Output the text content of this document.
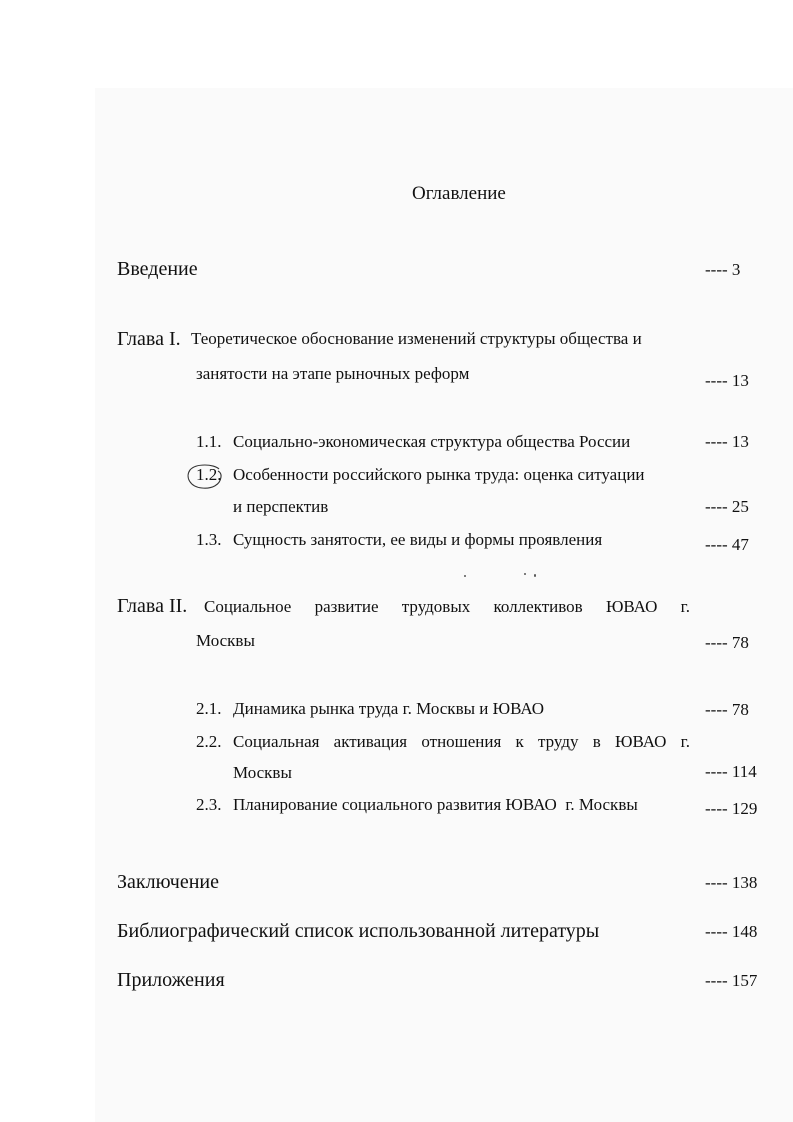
Оглавление
Введение	---- 3
Глава I. Теоретическое обоснование изменений структуры общества и
занятости на этапе рыночных реформ	---- 13
1.1. Социально-экономическая структура общества России	---- 13
1.2. Особенности российского рынка труда: оценка ситуации
и перспектив	---- 25
1.3. Сущность занятости, ее виды и формы проявления	---- 47
Глава II. Социальное развитие трудовых коллективов ЮВАО г.
Москвы	---- 78
2.1. Динамика рынка труда г. Москвы и ЮВАО	---- 78
2.2. Социальная активация отношения к труду в ЮВАО г.
Москвы	---- 114
2.3. Планирование социального развития ЮВАО  г. Москвы	---- 129
Заключение	---- 138
Библиографический список использованной литературы	---- 148
Приложения	---- 157
